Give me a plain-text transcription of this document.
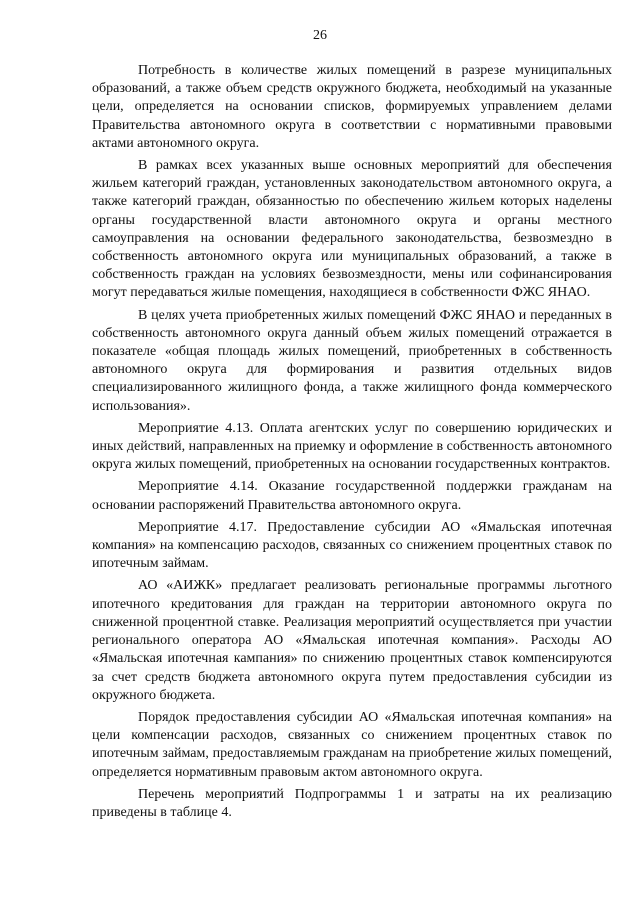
26

Потребность в количестве жилых помещений в разрезе муниципальных образований, а также объем средств окружного бюджета, необходимый на указанные цели, определяется на основании списков, формируемых управлением делами Правительства автономного округа в соответствии с нормативными правовыми актами автономного округа.

В рамках всех указанных выше основных мероприятий для обеспечения жильем категорий граждан, установленных законодательством автономного округа, а также категорий граждан, обязанностью по обеспечению жильем которых наделены органы государственной власти автономного округа и органы местного самоуправления на основании федерального законодательства, безвозмездно в собственность автономного округа или муниципальных образований, а также в собственность граждан на условиях безвозмездности, мены или софинансирования могут передаваться жилые помещения, находящиеся в собственности ФЖС ЯНАО.

В целях учета приобретенных жилых помещений ФЖС ЯНАО и переданных в собственность автономного округа данный объем жилых помещений отражается в показателе «общая площадь жилых помещений, приобретенных в собственность автономного округа для формирования и развития отдельных видов специализированного жилищного фонда, а также жилищного фонда коммерческого использования».

Мероприятие 4.13. Оплата агентских услуг по совершению юридических и иных действий, направленных на приемку и оформление в собственность автономного округа жилых помещений, приобретенных на основании государственных контрактов.

Мероприятие 4.14. Оказание государственной поддержки гражданам на основании распоряжений Правительства автономного округа.

Мероприятие 4.17. Предоставление субсидии АО «Ямальская ипотечная компания» на компенсацию расходов, связанных со снижением процентных ставок по ипотечным займам.

АО «АИЖК» предлагает реализовать региональные программы льготного ипотечного кредитования для граждан на территории автономного округа по сниженной процентной ставке. Реализация мероприятий осуществляется при участии регионального оператора АО «Ямальская ипотечная компания». Расходы АО «Ямальская ипотечная кампания» по снижению процентных ставок компенсируются за счет средств бюджета автономного округа путем предоставления субсидии из окружного бюджета.

Порядок предоставления субсидии АО «Ямальская ипотечная компания» на цели компенсации расходов, связанных со снижением процентных ставок по ипотечным займам, предоставляемым гражданам на приобретение жилых помещений, определяется нормативным правовым актом автономного округа.

Перечень мероприятий Подпрограммы 1 и затраты на их реализацию приведены в таблице 4.
